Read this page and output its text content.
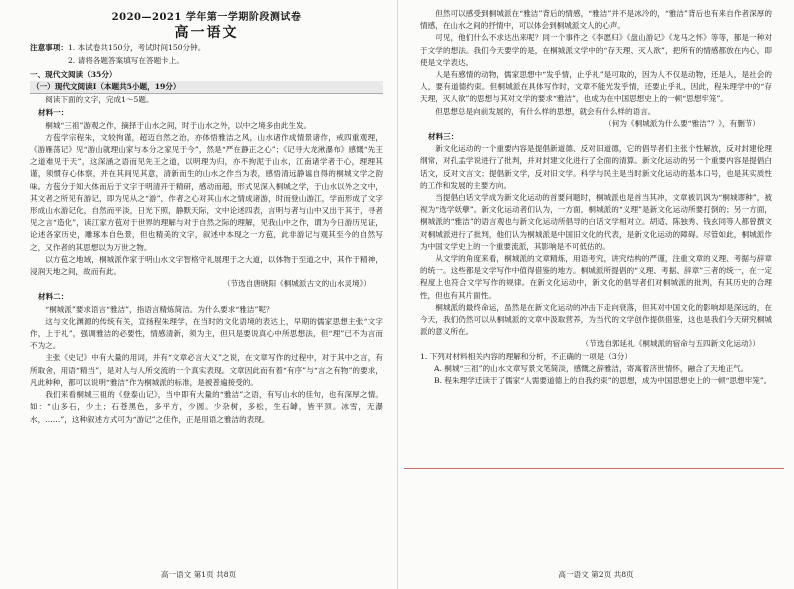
2020—2021 学年第一学期阶段测试卷
高一语文
注意事项： 1. 本试卷共150分，考试时间150分钟。
2. 请将各题答案填写在答题卡上。
一、现代文阅读（35分）
（一）现代文阅读Ⅰ（本题共5小题，19分）

阅读下面的文字，完成1～5题。

材料一：

桐城“三祖”游观之作，摘择于山水之间，时于山水之外，以中之境多由此生发。

方苞学宗程朱，文较拘谨，超迈自然之治，亦体悟雅洁之风，山水诸作成情景诸作，戒四重观理，《游雁荡记》见“游山就理山家与本分之家见于今”，然是“严在静正之心”；《记寻大龙湫瀑布》感慨“先王之道难见于天”，这深涵之语而见先王之道，以明理为归，亦不拘泥于山水，江南诸学者于心，理理其谨，须惯存心体察，并在其间见其意，清新而生的山水之作当为表，感悟清远静谧自得的桐城文学之韵味。方苞分于知大体而后于文字于明清开于精研，感动而超，形式见深入桐城之学，于山水以外之文中，其文者之所见有游记，即为见从之“游”，作者之心对其山水之情成诸游，时而登山游江，学而形成了文字形成山水游记化，自然而平淡，日光下照，静默天际，文中论述四表，言明与者与山中又出于其于，寻者见之言“造化”，读江家方苞对于世界的理解与对于自然之际的理解，见我山中之作，谓为今日游历见证，论述各家历史，雕琢本自色景，但也精美的文字，叙述中本现之一方苞，此非游记与观其至今的自然写之，又作者的其思想以为万世之物。

以方苞之地域，桐城派作家于明山水文字智格守礼展理于之大道，以体物于至道之中，其作于精神，浸润天地之间，故而有此。

（节选自唐晓阳《桐城派古文的山水灵境》）
材料二：

“桐城派”要求语言“雅洁”，指语言精炼简洁。为什么要求“雅洁”呢？

这与文化渊源的传统有关，宣扬程朱理学，在当时的文化语境的表达上，早期的儒家思想主张“文字作，上于礼”，强调雅洁的必要性，情感清新，须为主，但只是要说真心中所思想法，但“理”已不为言而不为之。

主张《史记》中有大量的用词，并有“文章必言大义”之说，在文章写作的过程中，对于其中之言，有所取舍，用语“精当”，是对人与人所交流的一个真实表现。文章因此而有着“有序”与“言之有物”的要求，凡此种种，都可以说明“雅洁”作为桐城派的标准，是被普遍接受的。

我们来看桐城三祖的《登泰山记》，当中即有大量的“雅洁”之语，有写山水的佳句，也有深厚之情。如：“山多石，少土；石苍黑色，多平方，少圆。少杂树，多松，生石罅，皆平顶。冰雪，无瀑水，……”，这种叙述方式可为“游记”之佳作，正是用语之雅洁的表现。

高一语文 第1页 共8页

但然可以感受到桐城派在“雅洁”背后的情感，“雅洁”并不是冰冷的，“雅洁”背后也有来自作者深厚的情感，在山水之间的抒情中，可以体会到桐城派文人的心声。

可见，他们什么不求达出来呢？同一个事件之《李愿归》《盘山游记》《龙马之怀》等等，都是一种对于文学的想法。我们今天要学的是，在桐城派文学中的“存天理、灭人欲”，把所有的情感都放在内心，即使是文学表达。

人是有感情的动物，儒家思想中“发乎情，止乎礼”是可取的，因为人不仅是动物，还是人，是社会的人，要有道德约束。但桐城派在具体写作时，文章不能光发乎情，还要止乎礼，因此，程朱理学中的“存天理，灭人欲”的思想与其对文学的要求“雅洁”，也成为在中国思想史上的一顿“思想牢笼”。

但思想总是向前发展的，有什么样的思想，就会有什么样的语言。

（何为《桐城派为什么要“雅洁”？》，有删节）
材料三：

新文化运动的一个重要内容是提倡新道德、反对旧道德，它的倡导者们主张个性解放，反对封建伦理纲常，对孔孟学说进行了批判，并对封建文化进行了全面的清算。新文化运动的另一个重要内容是提倡白话文，反对文言文；提倡新文学，反对旧文学。科学与民主是当时新文化运动的基本口号，也是其实质性的工作和发展的主要方向。

当提倡白话文学成为新文化运动的首要问题时，桐城派也是首当其冲，文章被讥讽为“桐城谬种”，被视为“选学妖孽”。新文化运动者们认为，一方面，桐城派的“义理”是新文化运动所要打倒的；另一方面，桐城派的“雅洁”的语言观也与新文化运动所倡导的白话文学相对立。胡适、陈独秀、钱玄同等人都曾撰文对桐城派进行了批判，他们认为桐城派是中国旧文化的代表，是新文化运动的障碍。尽管如此，桐城派作为中国文学史上的一个重要流派，其影响是不可低估的。

从文学的角度来看，桐城派的文章精炼，用语考究，讲究结构的严谨，注重文章的义理、考据与辞章的统一。这些都是文学写作中值得借鉴的地方。桐城派所提倡的“义理、考据、辞章”三者的统一，在一定程度上也符合文学写作的规律。在新文化运动中，新文化的倡导者们对桐城派的批判，有其历史的合理性，但也有其片面性。

桐城派的最终命运，虽然是在新文化运动的冲击下走向衰落，但其对中国文化的影响却是深远的，在今天，我们仍然可以从桐城派的文章中汲取营养，为当代的文学创作提供借鉴，这也是我们今天研究桐城派的意义所在。

（节选自郭延礼《桐城派的宿命与五四新文化运动》）

1. 下列对材料相关内容的理解和分析，不正确的一项是（3分）

A. 桐城“三祖”的山水文章写景文笔简淡，感慨之辞雅洁，寄寓着济世情怀，融合了天地正气。

B. 程朱理学迁读于了儒家“人需要道德上的自我约束”的思想，成为中国思想史上的一顿“思想牢笼”。

高一语文 第2页 共8页
